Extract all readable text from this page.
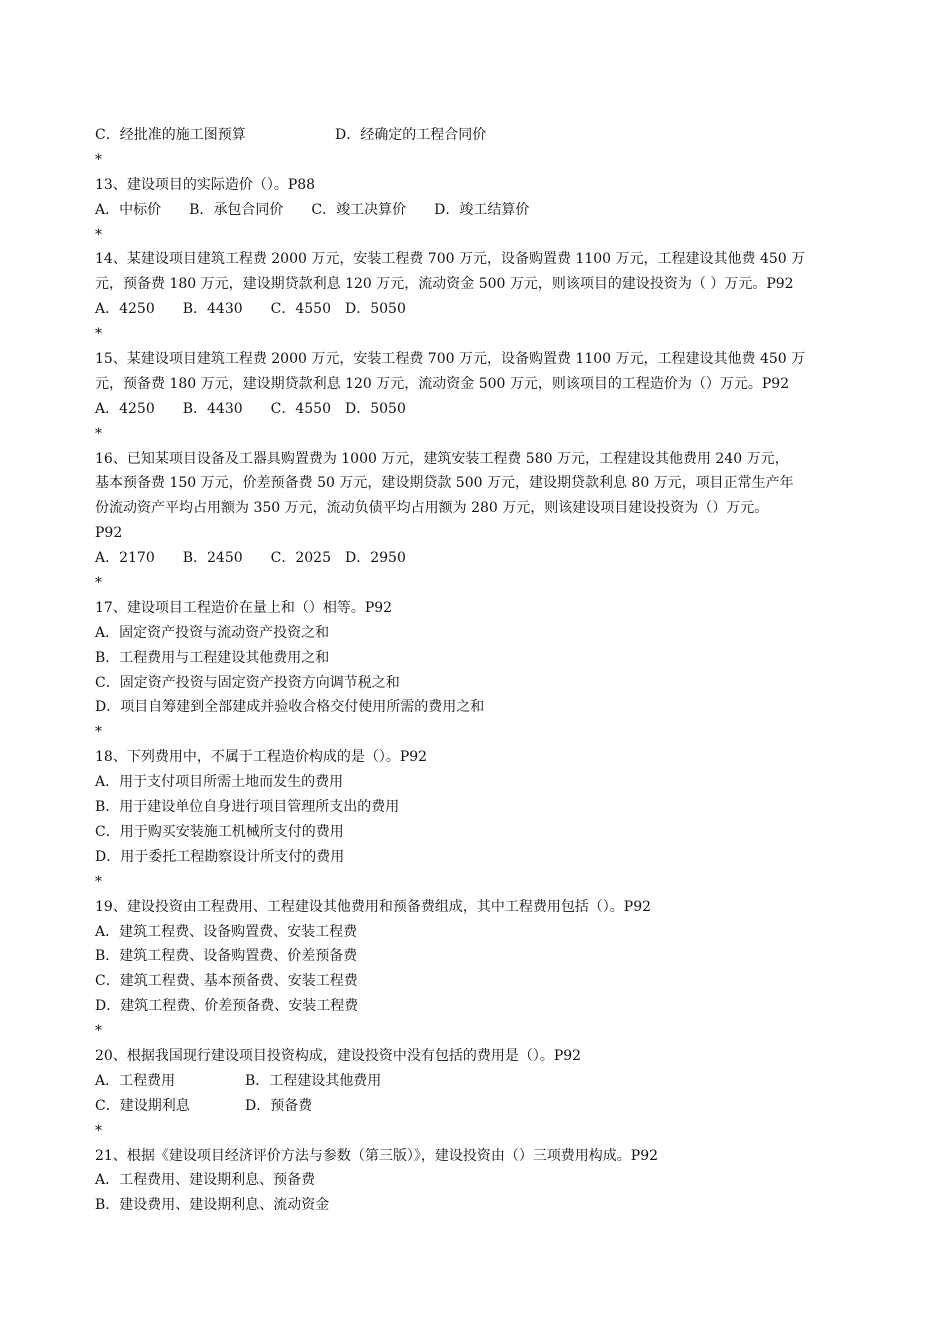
C．经批准的施工图预算	D．经确定的工程合同价
*
13、建设项目的实际造价（）。P88
A．中标价　　B．承包合同价　　C．竣工决算价　　D．竣工结算价
*
14、某建设项目建筑工程费 2000 万元，安装工程费 700 万元，设备购置费 1100 万元，工程建设其他费 450 万
元，预备费 180 万元，建设期贷款利息 120 万元，流动资金 500 万元，则该项目的建设投资为（ ）万元。P92
A．4250　　B．4430　　C．4550　D．5050
*
15、某建设项目建筑工程费 2000 万元，安装工程费 700 万元，设备购置费 1100 万元，工程建设其他费 450 万
元，预备费 180 万元，建设期贷款利息 120 万元，流动资金 500 万元，则该项目的工程造价为（）万元。P92
A．4250　　B．4430　　C．4550　D．5050
*
16、已知某项目设备及工器具购置费为 1000 万元，建筑安装工程费 580 万元，工程建设其他费用 240 万元，
基本预备费 150 万元，价差预备费 50 万元，建设期贷款 500 万元，建设期贷款利息 80 万元，项目正常生产年
份流动资产平均占用额为 350 万元，流动负债平均占用额为 280 万元，则该建设项目建设投资为（）万元。
P92
A．2170　　B．2450　　C．2025　D．2950
*
17、建设项目工程造价在量上和（）相等。P92
A．固定资产投资与流动资产投资之和
B．工程费用与工程建设其他费用之和
C．固定资产投资与固定资产投资方向调节税之和
D．项目自筹建到全部建成并验收合格交付使用所需的费用之和
*
18、下列费用中，不属于工程造价构成的是（）。P92
A．用于支付项目所需土地而发生的费用
B．用于建设单位自身进行项目管理所支出的费用
C．用于购买安装施工机械所支付的费用
D．用于委托工程勘察设计所支付的费用
*
19、建设投资由工程费用、工程建设其他费用和预备费组成，其中工程费用包括（）。P92
A．建筑工程费、设备购置费、安装工程费
B．建筑工程费、设备购置费、价差预备费
C．建筑工程费、基本预备费、安装工程费
D．建筑工程费、价差预备费、安装工程费
*
20、根据我国现行建设项目投资构成，建设投资中没有包括的费用是（）。P92
A．工程费用	B．工程建设其他费用
C．建设期利息	D．预备费
*
21、根据《建设项目经济评价方法与参数（第三版）》，建设投资由（）三项费用构成。P92
A．工程费用、建设期利息、预备费
B．建设费用、建设期利息、流动资金
